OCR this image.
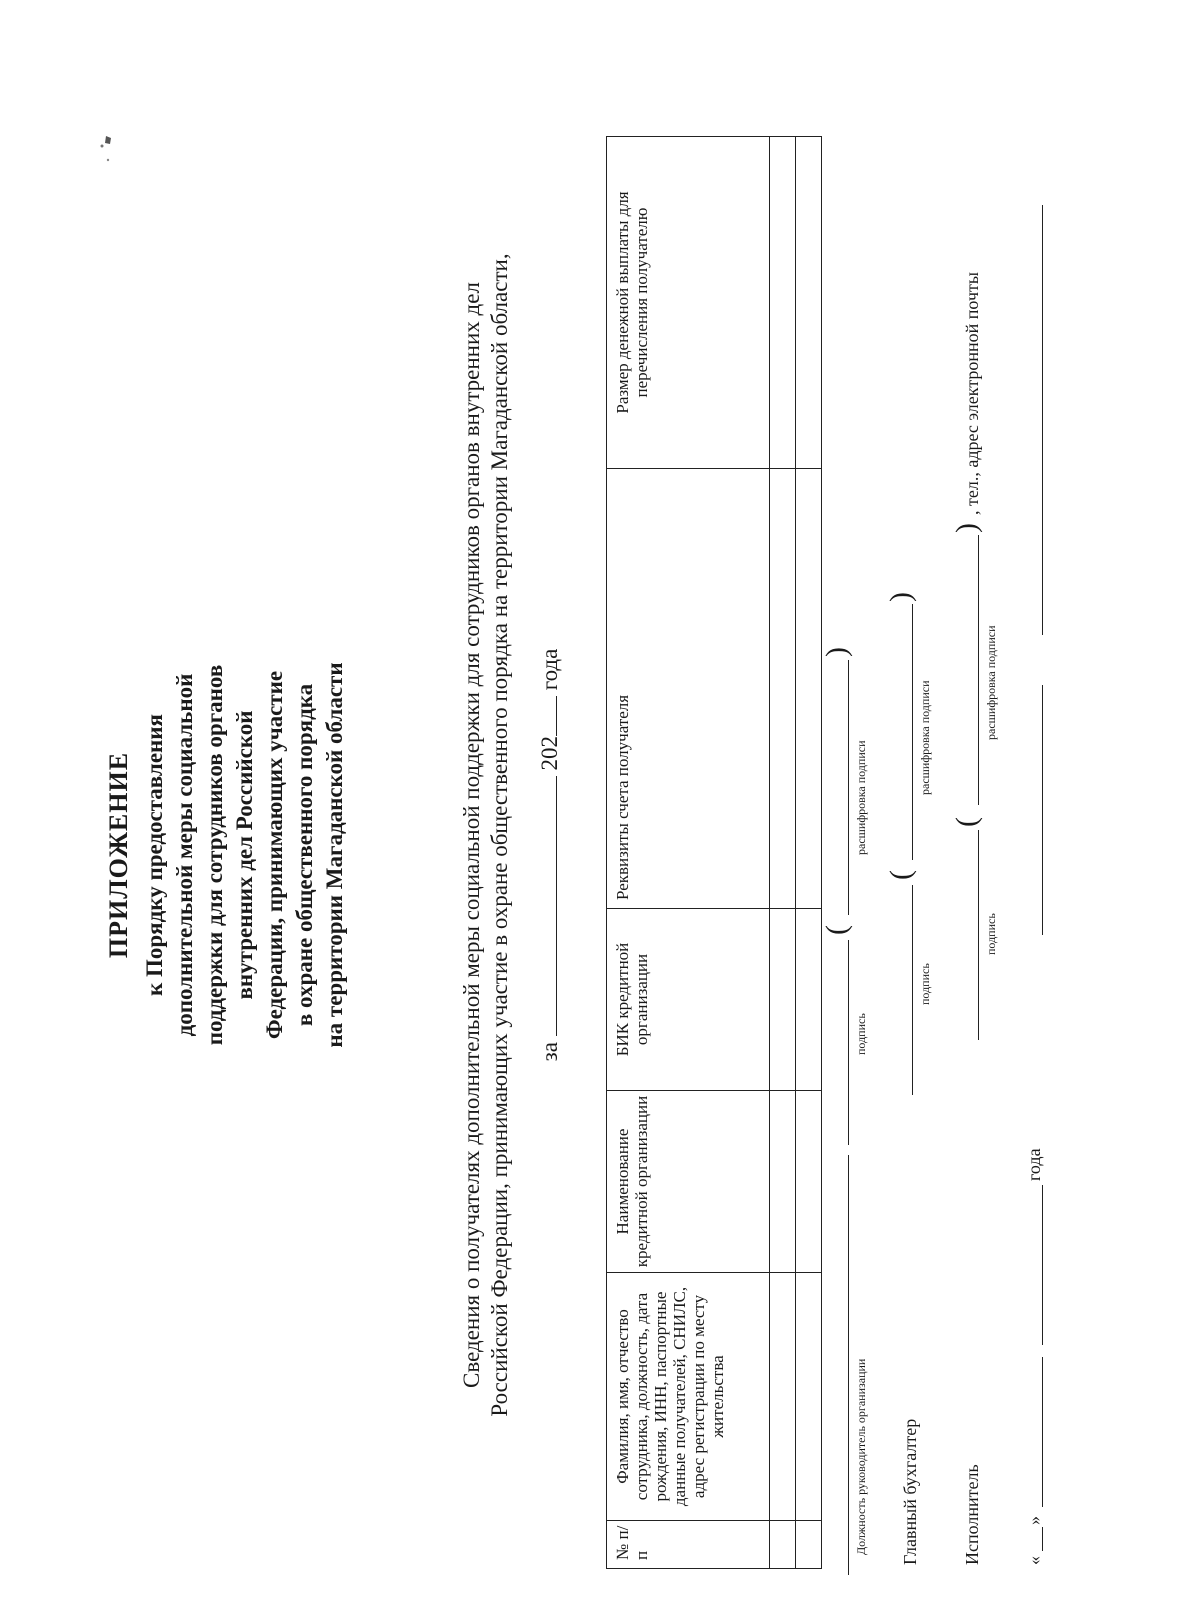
ПРИЛОЖЕНИЕ к Порядку предоставления дополнительной меры социальной поддержки для сотрудников органов внутренних дел Российской Федерации, принимающих участие в охране общественного порядка на территории Магаданской области	Сведения о получателях дополнительной меры социальной поддержки для сотрудников органов внутренних дел Российской Федерации, принимающих участие в охране общественного порядка на территории Магаданской области, за  202 года
№ п/п	Фамилия, имя, отчество сотрудника, должность, дата рождения, ИНН, паспортные данные получателей, СНИЛС, адрес регистрации по месту жительства	Наименование кредитной организации	БИК кредитной организации	Реквизиты счета получателя	Размер денежной выплаты для перечисления получателю

Должность руководитель организации
подпись
(
расшифровка подписи
)
Главный бухгалтер
подпись
(
расшифровка подписи
)
Исполнитель
подпись
(
расшифровка подписи
)
, тел., адрес электронной почты
«
»
года
